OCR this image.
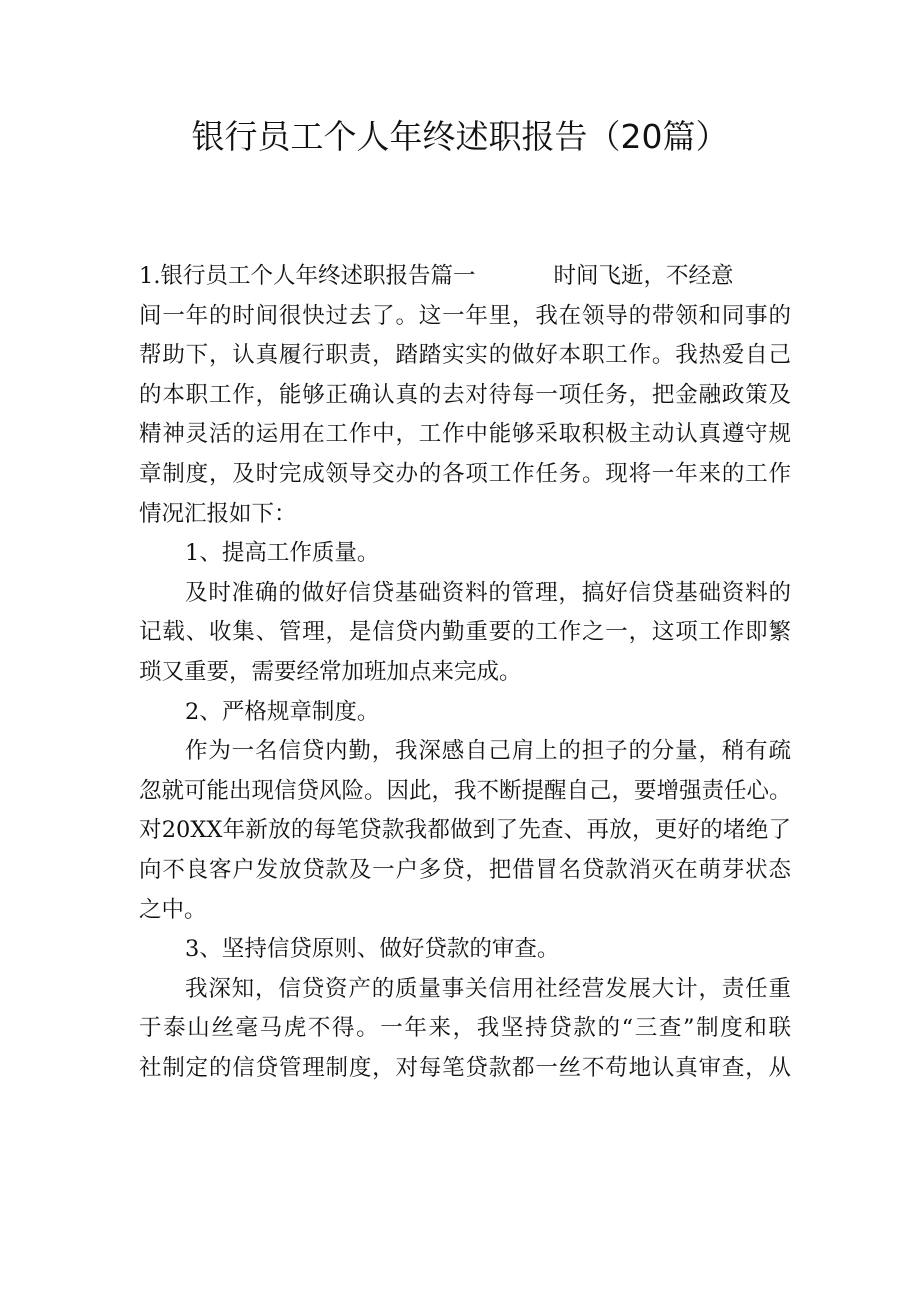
银行员工个人年终述职报告（20篇）
1.银行员工个人年终述职报告篇一	时间飞逝，不经意
间一年的时间很快过去了。这一年里，我在领导的带领和同事的
帮助下，认真履行职责，踏踏实实的做好本职工作。我热爱自己
的本职工作，能够正确认真的去对待每一项任务，把金融政策及
精神灵活的运用在工作中，工作中能够采取积极主动认真遵守规
章制度，及时完成领导交办的各项工作任务。现将一年来的工作
情况汇报如下：
1、提高工作质量。
及时准确的做好信贷基础资料的管理，搞好信贷基础资料的
记载、收集、管理，是信贷内勤重要的工作之一，这项工作即繁
琐又重要，需要经常加班加点来完成。
2、严格规章制度。
作为一名信贷内勤，我深感自己肩上的担子的分量，稍有疏
忽就可能出现信贷风险。因此，我不断提醒自己，要增强责任心。
对20XX年新放的每笔贷款我都做到了先查、再放，更好的堵绝了
向不良客户发放贷款及一户多贷，把借冒名贷款消灭在萌芽状态
之中。
3、坚持信贷原则、做好贷款的审查。
我深知，信贷资产的质量事关信用社经营发展大计，责任重
于泰山丝毫马虎不得。一年来，我坚持贷款的“三查”制度和联
社制定的信贷管理制度，对每笔贷款都一丝不苟地认真审查，从
